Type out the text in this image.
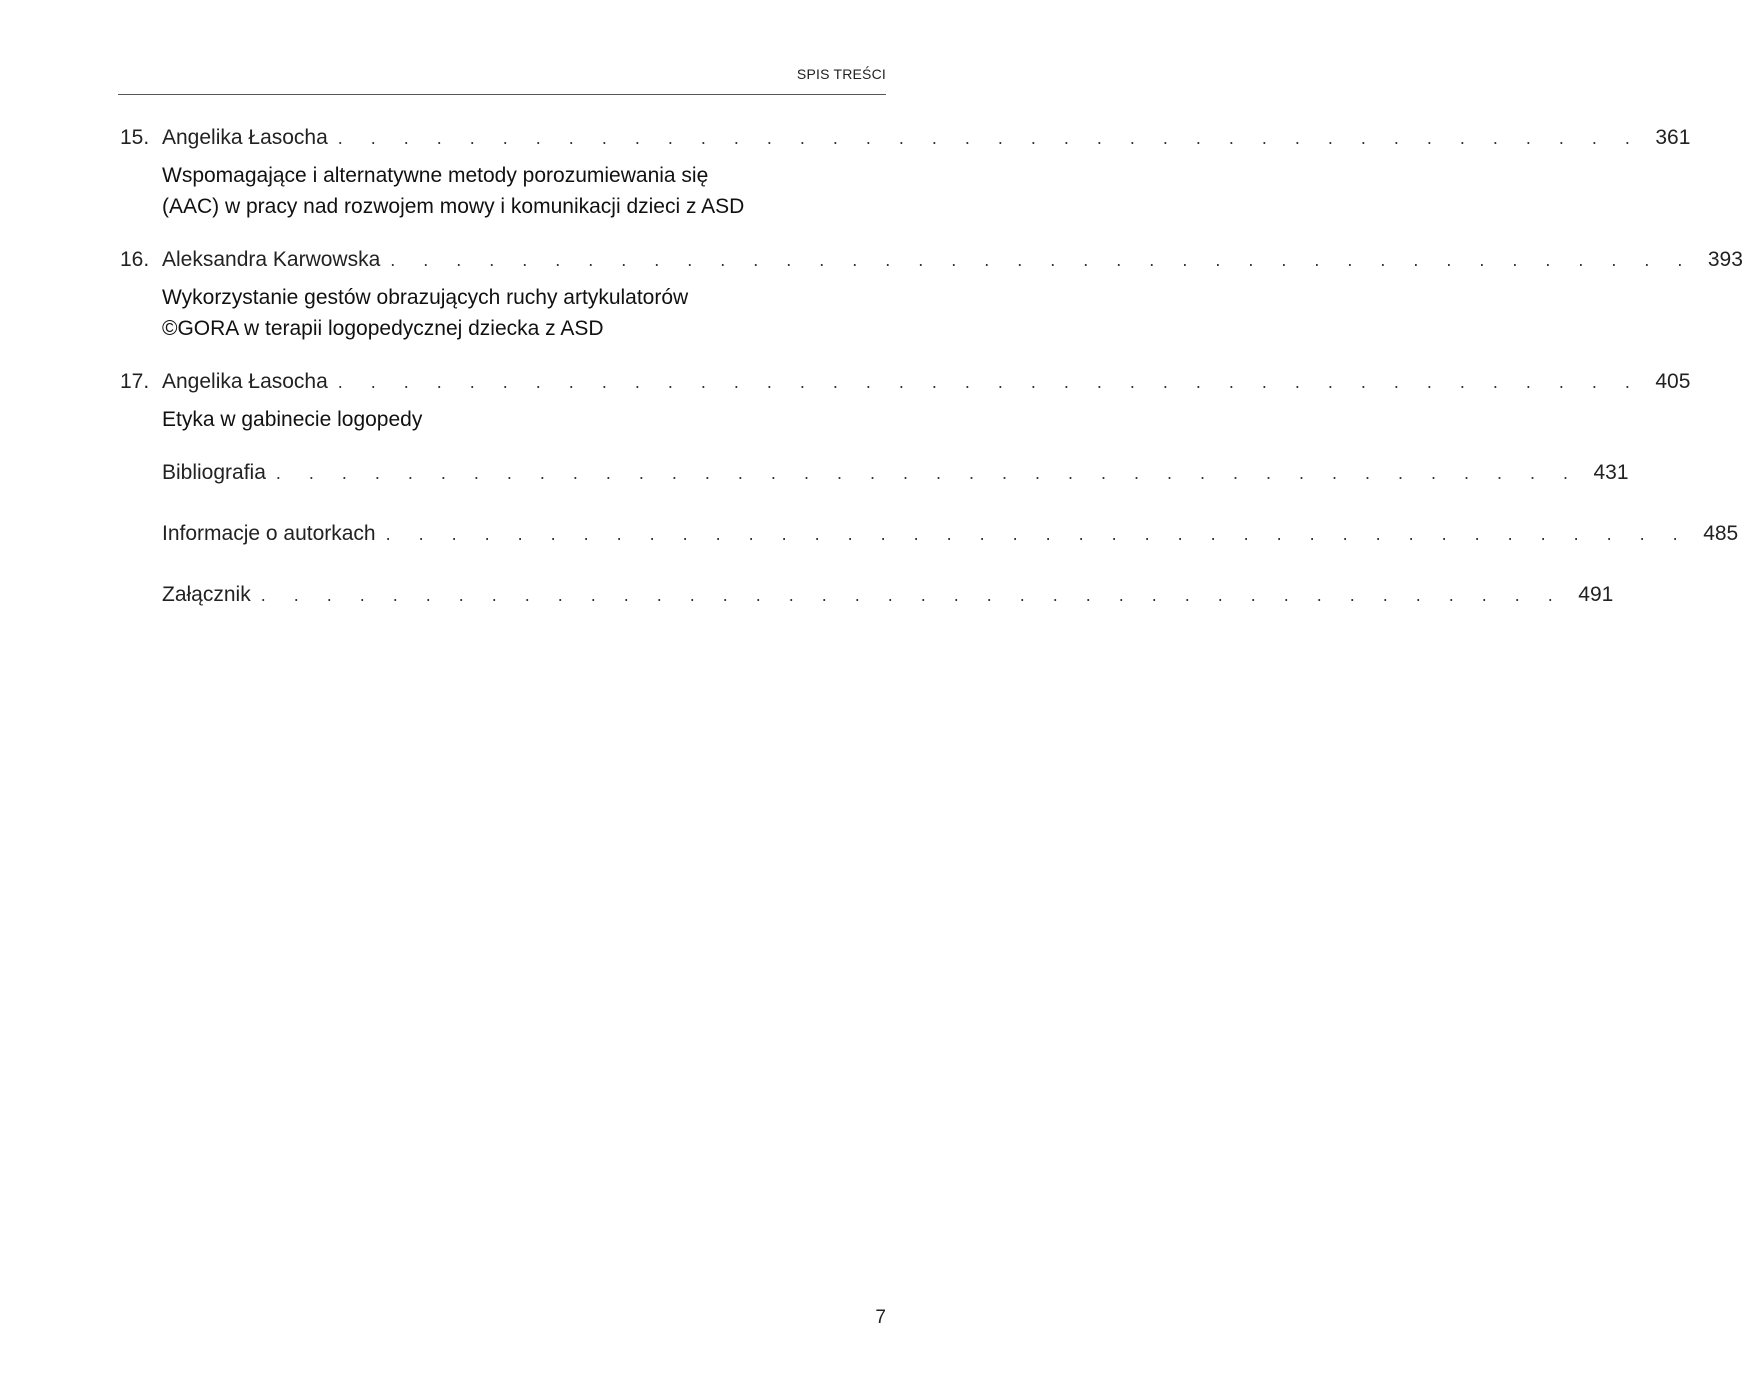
SPIS TREŚCI
15. Angelika Łasocha . . . . . . . . . . . . . . . . . . . . . . . . . . . . . . . . . . . . . . . . 361
Wspomagające i alternatywne metody porozumiewania się
(AAC) w pracy nad rozwojem mowy i komunikacji dzieci z ASD
16. Aleksandra Karwowska . . . . . . . . . . . . . . . . . . . . . . . . . . . . . . . . . . . . . . . . 393
Wykorzystanie gestów obrazujących ruchy artykulatorów
©GORA w terapii logopedycznej dziecka z ASD
17. Angelika Łasocha . . . . . . . . . . . . . . . . . . . . . . . . . . . . . . . . . . . . . . . . 405
Etyka w gabinecie logopedy
Bibliografia . . . . . . . . . . . . . . . . . . . . . . . . . . . . . . . . . . . . . . . . 431
Informacje o autorkach . . . . . . . . . . . . . . . . . . . . . . . . . . . . . . . . . . . . . . . . 485
Załącznik . . . . . . . . . . . . . . . . . . . . . . . . . . . . . . . . . . . . . . . . 491
7
